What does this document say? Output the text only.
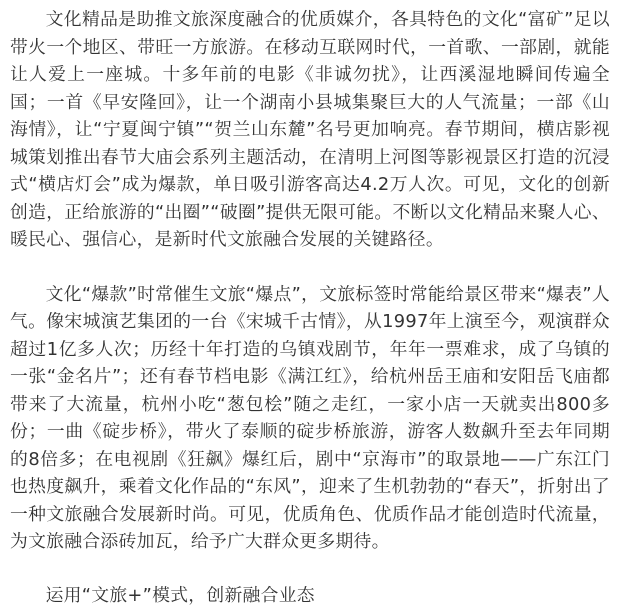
文化精品是助推文旅深度融合的优质媒介，各具特色的文化“富矿”足以带火一个地区、带旺一方旅游。在移动互联网时代，一首歌、一部剧，就能让人爱上一座城。十多年前的电影《非诚勿扰》，让西溪湿地瞬间传遍全国；一首《早安隆回》，让一个湖南小县城集聚巨大的人气流量；一部《山海情》，让“宁夏闽宁镇”“贺兰山东麓”名号更加响亮。春节期间，横店影视城策划推出春节大庙会系列主题活动，在清明上河图等影视景区打造的沉浸式“横店灯会”成为爆款，单日吸引游客高达4.2万人次。可见，文化的创新创造，正给旅游的“出圈”“破圈”提供无限可能。不断以文化精品来聚人心、暖民心、强信心，是新时代文旅融合发展的关键路径。

文化“爆款”时常催生文旅“爆点”，文旅标签时常能给景区带来“爆表”人气。像宋城演艺集团的一台《宋城千古情》，从1997年上演至今，观演群众超过1亿多人次；历经十年打造的乌镇戏剧节，年年一票难求，成了乌镇的一张“金名片”；还有春节档电影《满江红》，给杭州岳王庙和安阳岳飞庙都带来了大流量，杭州小吃“葱包桧”随之走红，一家小店一天就卖出800多份；一曲《碇步桥》，带火了泰顺的碇步桥旅游，游客人数飙升至去年同期的8倍多；在电视剧《狂飙》爆红后，剧中“京海市”的取景地——广东江门也热度飙升，乘着文化作品的“东风”，迎来了生机勃勃的“春天”，折射出了一种文旅融合发展新时尚。可见，优质角色、优质作品才能创造时代流量，为文旅融合添砖加瓦，给予广大群众更多期待。

运用“文旅+”模式，创新融合业态
